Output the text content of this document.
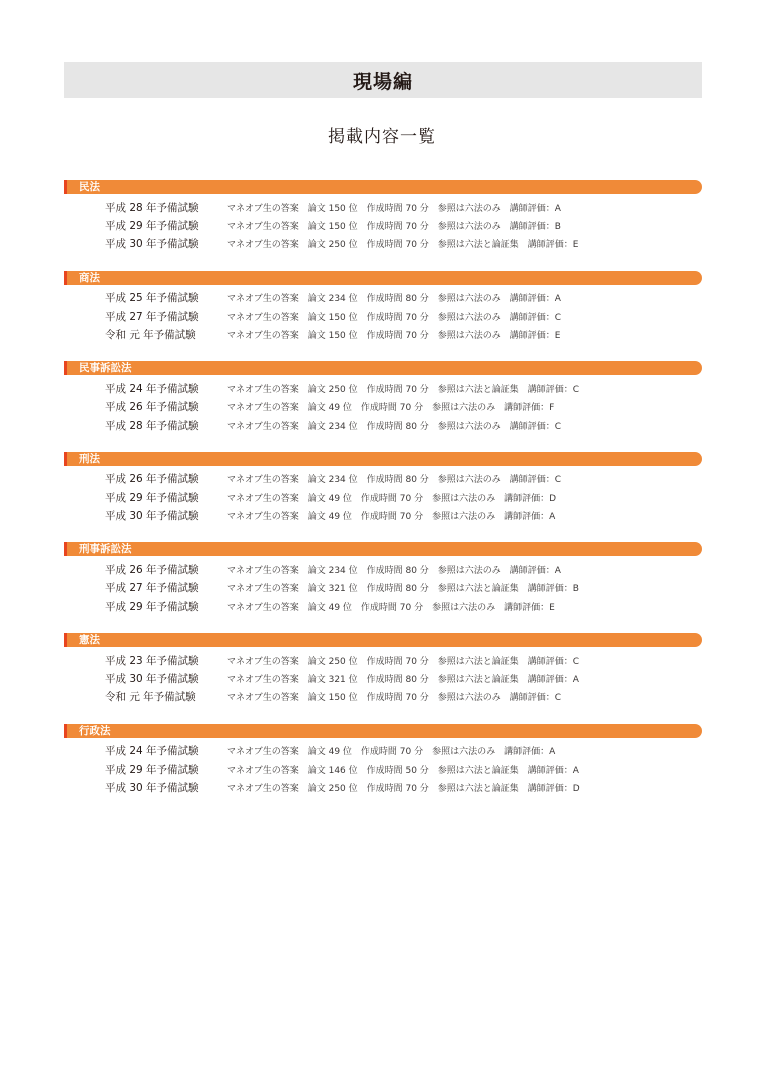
現場編
掲載内容一覧
民法
平成 28 年予備試験	マネオブ生の答案　論文 150 位　作成時間 70 分　参照は六法のみ　講師評価：A
平成 29 年予備試験	マネオブ生の答案　論文 150 位　作成時間 70 分　参照は六法のみ　講師評価：B
平成 30 年予備試験	マネオブ生の答案　論文 250 位　作成時間 70 分　参照は六法と論証集　講師評価：E
商法
平成 25 年予備試験	マネオブ生の答案　論文 234 位　作成時間 80 分　参照は六法のみ　講師評価：A
平成 27 年予備試験	マネオブ生の答案　論文 150 位　作成時間 70 分　参照は六法のみ　講師評価：C
令和 元 年予備試験	マネオブ生の答案　論文 150 位　作成時間 70 分　参照は六法のみ　講師評価：E
民事訴訟法
平成 24 年予備試験	マネオブ生の答案　論文 250 位　作成時間 70 分　参照は六法と論証集　講師評価：C
平成 26 年予備試験	マネオブ生の答案　論文 49 位　作成時間 70 分　参照は六法のみ　講師評価：F
平成 28 年予備試験	マネオブ生の答案　論文 234 位　作成時間 80 分　参照は六法のみ　講師評価：C
刑法
平成 26 年予備試験	マネオブ生の答案　論文 234 位　作成時間 80 分　参照は六法のみ　講師評価：C
平成 29 年予備試験	マネオブ生の答案　論文 49 位　作成時間 70 分　参照は六法のみ　講師評価：D
平成 30 年予備試験	マネオブ生の答案　論文 49 位　作成時間 70 分　参照は六法のみ　講師評価：A
刑事訴訟法
平成 26 年予備試験	マネオブ生の答案　論文 234 位　作成時間 80 分　参照は六法のみ　講師評価：A
平成 27 年予備試験	マネオブ生の答案　論文 321 位　作成時間 80 分　参照は六法と論証集　講師評価：B
平成 29 年予備試験	マネオブ生の答案　論文 49 位　作成時間 70 分　参照は六法のみ　講師評価：E
憲法
平成 23 年予備試験	マネオブ生の答案　論文 250 位　作成時間 70 分　参照は六法と論証集　講師評価：C
平成 30 年予備試験	マネオブ生の答案　論文 321 位　作成時間 80 分　参照は六法と論証集　講師評価：A
令和 元 年予備試験	マネオブ生の答案　論文 150 位　作成時間 70 分　参照は六法のみ　講師評価：C
行政法
平成 24 年予備試験	マネオブ生の答案　論文 49 位　作成時間 70 分　参照は六法のみ　講師評価：A
平成 29 年予備試験	マネオブ生の答案　論文 146 位　作成時間 50 分　参照は六法と論証集　講師評価：A
平成 30 年予備試験	マネオブ生の答案　論文 250 位　作成時間 70 分　参照は六法と論証集　講師評価：D
